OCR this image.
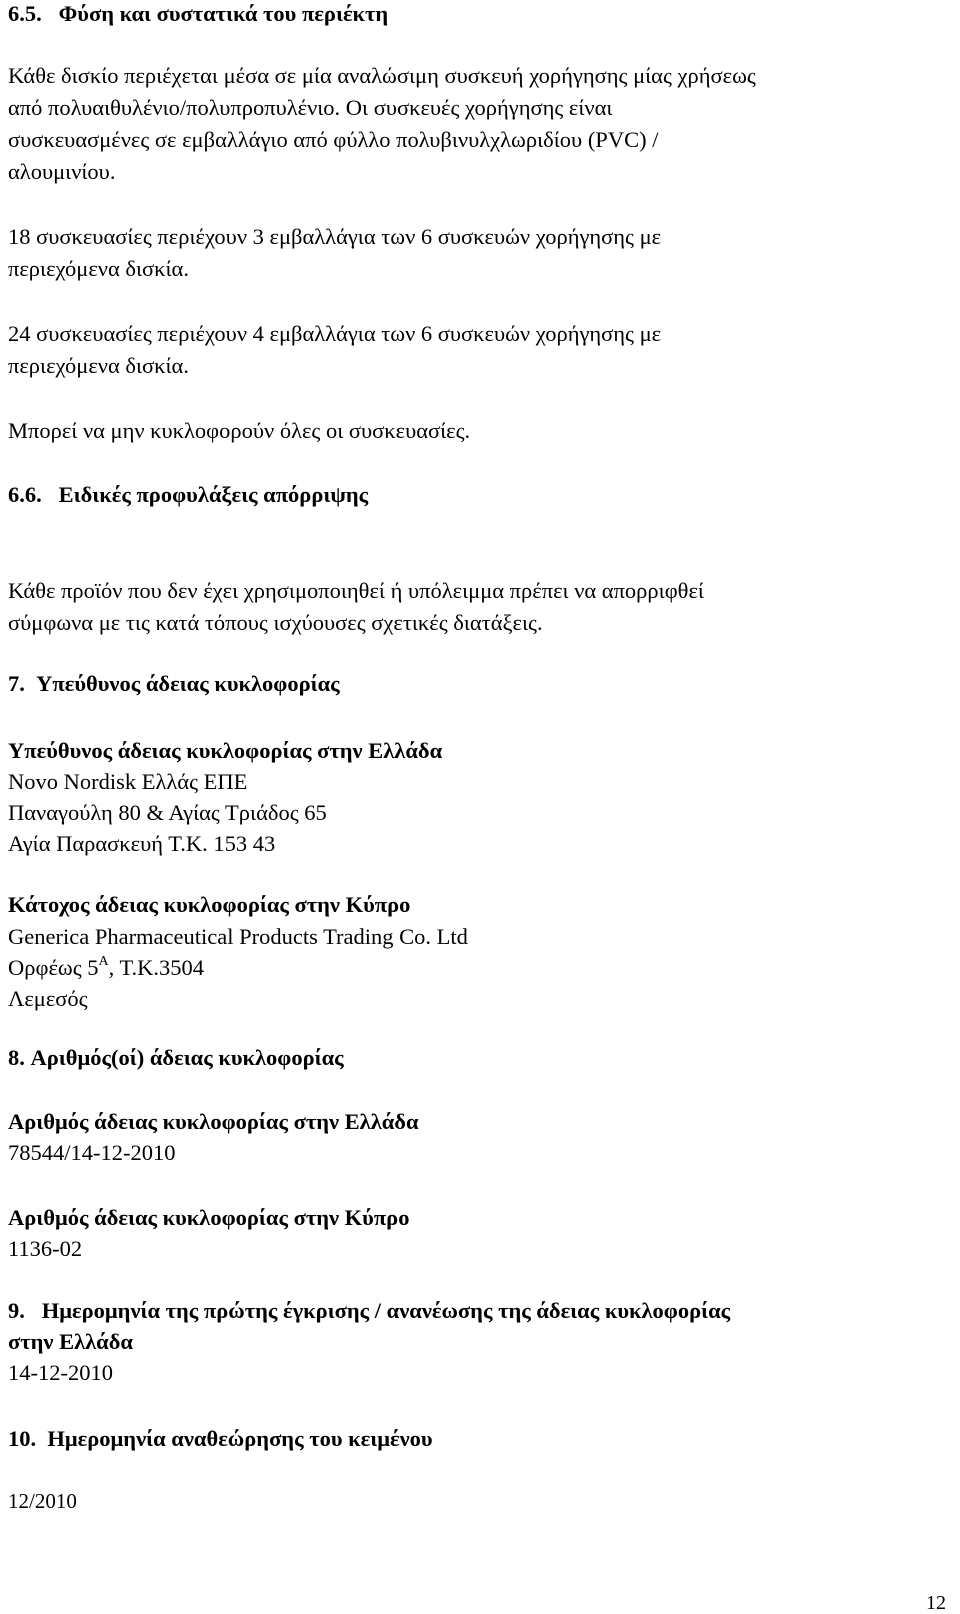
6.5. Φύση και συστατικά του περιέκτη
Κάθε δισκίο περιέχεται μέσα σε μία αναλώσιμη συσκευή χορήγησης μίας χρήσεως
από πολυαιθυλένιο/πολυπροπυλένιο. Οι συσκευές χορήγησης είναι
συσκευασμένες σε εμβαλλάγιο από φύλλο πολυβινυλχλωριδίου (PVC) /
αλουμινίου.
18 συσκευασίες περιέχουν 3 εμβαλλάγια των 6 συσκευών χορήγησης με
περιεχόμενα δισκία.
24 συσκευασίες περιέχουν 4 εμβαλλάγια των 6 συσκευών χορήγησης με
περιεχόμενα δισκία.
Μπορεί να μην κυκλοφορούν όλες οι συσκευασίες.
6.6. Ειδικές προφυλάξεις απόρριψης
Κάθε προϊόν που δεν έχει χρησιμοποιηθεί ή υπόλειμμα πρέπει να απορριφθεί
σύμφωνα με τις κατά τόπους ισχύουσες σχετικές διατάξεις.
7. Υπεύθυνος άδειας κυκλοφορίας
Υπεύθυνος άδειας κυκλοφορίας στην Ελλάδα
Novo Nordisk Ελλάς ΕΠΕ
Παναγούλη 80 & Αγίας Τριάδος 65
Αγία Παρασκευή Τ.Κ. 153 43
Κάτοχος άδειας κυκλοφορίας στην Κύπρο
Generica Pharmaceutical Products Trading Co. Ltd
Ορφέως $5^A$, Τ.Κ.3504
Λεμεσός
8. Αριθμός(οί) άδειας κυκλοφορίας
Αριθμός άδειας κυκλοφορίας στην Ελλάδα
78544/14-12-2010
Αριθμός άδειας κυκλοφορίας στην Κύπρο
1136-02
9. Ημερομηνία της πρώτης έγκρισης / ανανέωσης της άδειας κυκλοφορίας
στην Ελλάδα
14-12-2010
10. Ημερομηνία αναθεώρησης του κειμένου
12/2010
12
